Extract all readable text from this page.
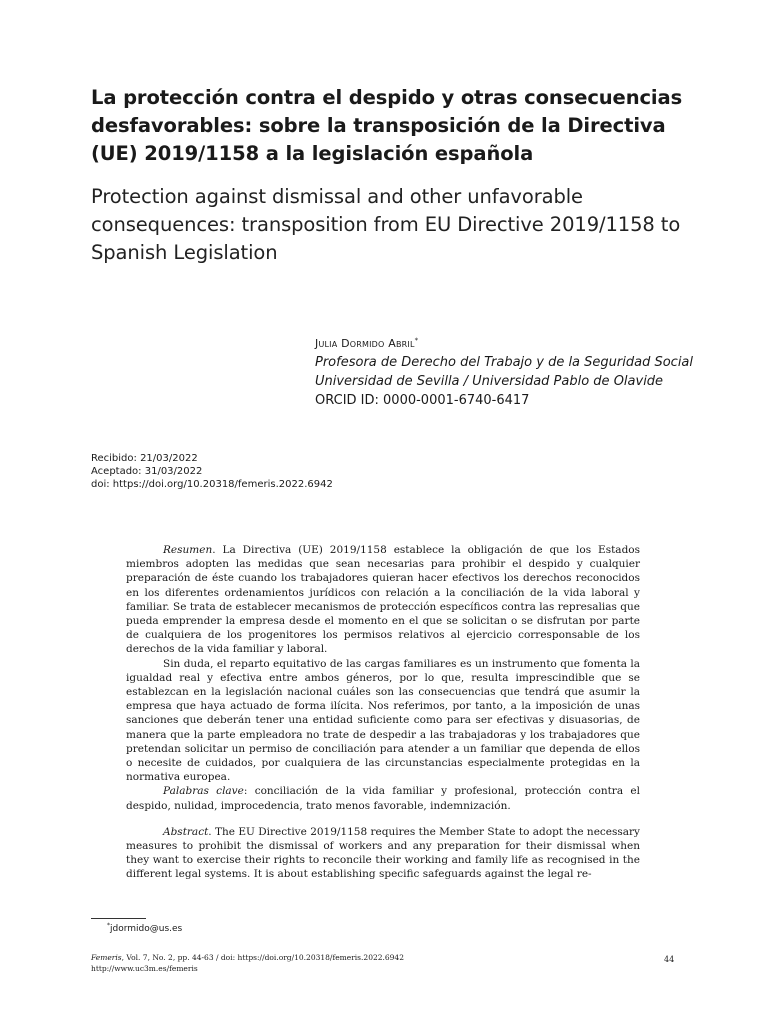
La protección contra el despido y otras consecuencias desfavorables: sobre la transposición de la Directiva (UE) 2019/1158 a la legislación española
Protection against dismissal and other unfavorable consequences: transposition from EU Directive 2019/1158 to Spanish Legislation
Julia Dormido Abril*
Profesora de Derecho del Trabajo y de la Seguridad Social
Universidad de Sevilla / Universidad Pablo de Olavide
ORCID ID: 0000-0001-6740-6417
Recibido: 21/03/2022
Aceptado: 31/03/2022
doi: https://doi.org/10.20318/femeris.2022.6942

Resumen. La Directiva (UE) 2019/1158 establece la obligación de que los Estados miembros adopten las medidas que sean necesarias para prohibir el despido y cualquier preparación de éste cuando los trabajadores quieran hacer efectivos los derechos reconocidos en los diferentes ordenamientos jurídicos con relación a la conciliación de la vida laboral y familiar. Se trata de establecer mecanismos de protección específicos contra las represalias que pueda emprender la empresa desde el momento en el que se solicitan o se disfrutan por parte de cualquiera de los progenitores los permisos relativos al ejercicio corresponsable de los derechos de la vida familiar y laboral.

Sin duda, el reparto equitativo de las cargas familiares es un instrumento que fomenta la igualdad real y efectiva entre ambos géneros, por lo que, resulta imprescindible que se establezcan en la legislación nacional cuáles son las consecuencias que tendrá que asumir la empresa que haya actuado de forma ilícita. Nos referimos, por tanto, a la imposición de unas sanciones que deberán tener una entidad suficiente como para ser efectivas y disuasorias, de manera que la parte empleadora no trate de despedir a las trabajadoras y los trabajadores que pretendan solicitar un permiso de conciliación para atender a un familiar que dependa de ellos o necesite de cuidados, por cualquiera de las circunstancias especialmente protegidas en la normativa europea.

Palabras clave: conciliación de la vida familiar y profesional, protección contra el despido, nulidad, improcedencia, trato menos favorable, indemnización.

Abstract. The EU Directive 2019/1158 requires the Member State to adopt the necessary measures to prohibit the dismissal of workers and any preparation for their dismissal when they want to exercise their rights to reconcile their working and family life as recognised in the different legal systems. It is about establishing specific safeguards against the legal re-

*jdormido@us.es
Femeris, Vol. 7, No. 2, pp. 44-63 / doi: https://doi.org/10.20318/femeris.2022.6942
http://www.uc3m.es/femeris
44
